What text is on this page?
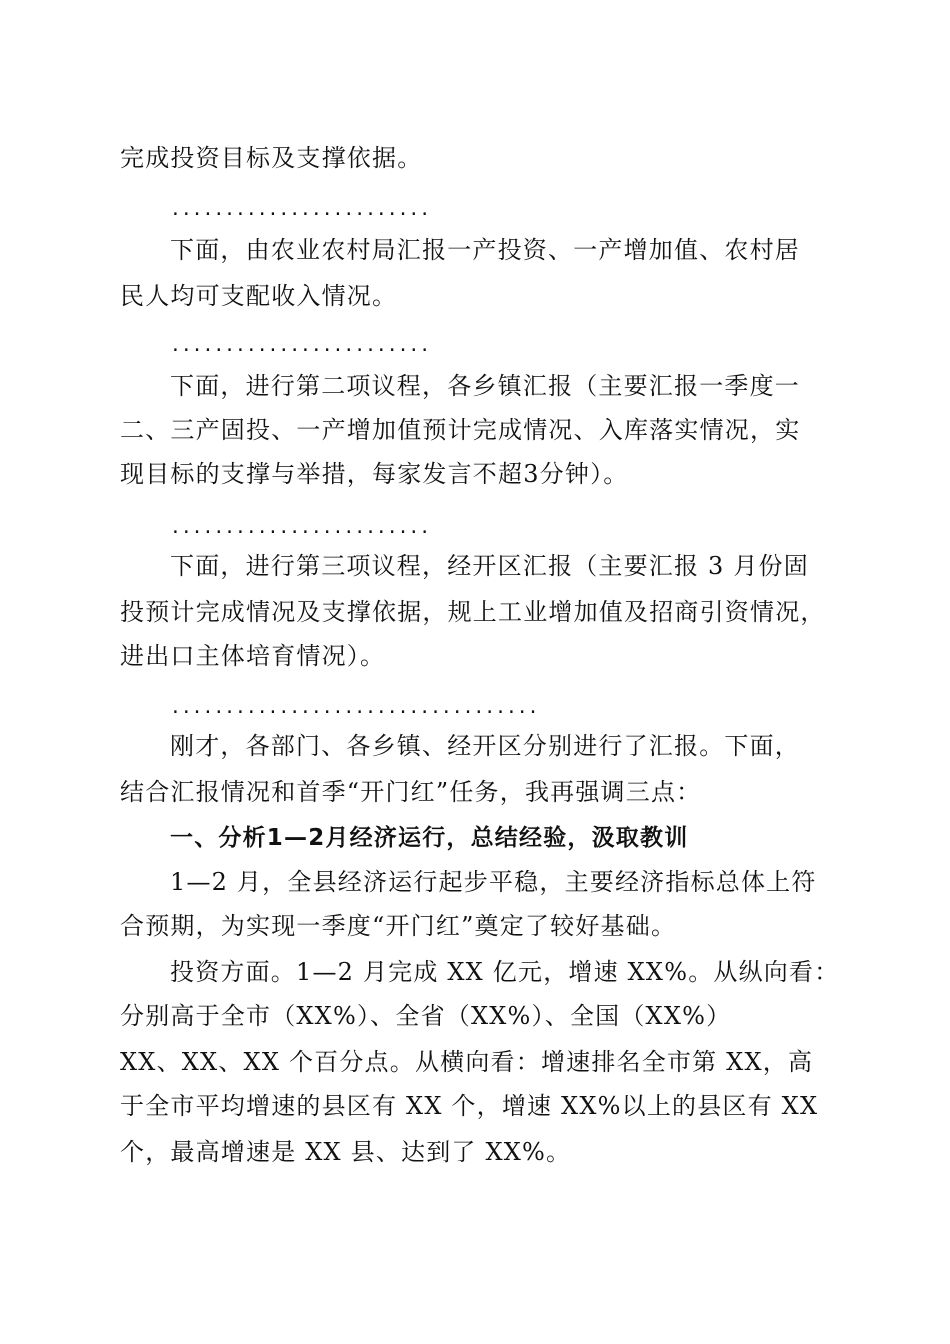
完成投资目标及支撑依据。
........................
下面，由农业农村局汇报一产投资、一产增加值、农村居
民人均可支配收入情况。
........................
下面，进行第二项议程，各乡镇汇报（主要汇报一季度一
二、三产固投、一产增加值预计完成情况、入库落实情况，实
现目标的支撑与举措，每家发言不超3分钟）。
........................
下面，进行第三项议程，经开区汇报（主要汇报 3 月份固
投预计完成情况及支撑依据，规上工业增加值及招商引资情况，
进出口主体培育情况）。
..................................
刚才，各部门、各乡镇、经开区分别进行了汇报。下面，
结合汇报情况和首季“开门红”任务，我再强调三点：
一、分析1—2月经济运行，总结经验，汲取教训
1—2 月，全县经济运行起步平稳，主要经济指标总体上符
合预期，为实现一季度“开门红”奠定了较好基础。
投资方面。1—2 月完成 XX 亿元，增速 XX%。从纵向看：
分别高于全市（XX%）、全省（XX%）、全国（XX%）
XX、XX、XX 个百分点。从横向看：增速排名全市第 XX，高
于全市平均增速的县区有 XX 个，增速 XX%以上的县区有 XX
个，最高增速是 XX 县、达到了 XX%。
